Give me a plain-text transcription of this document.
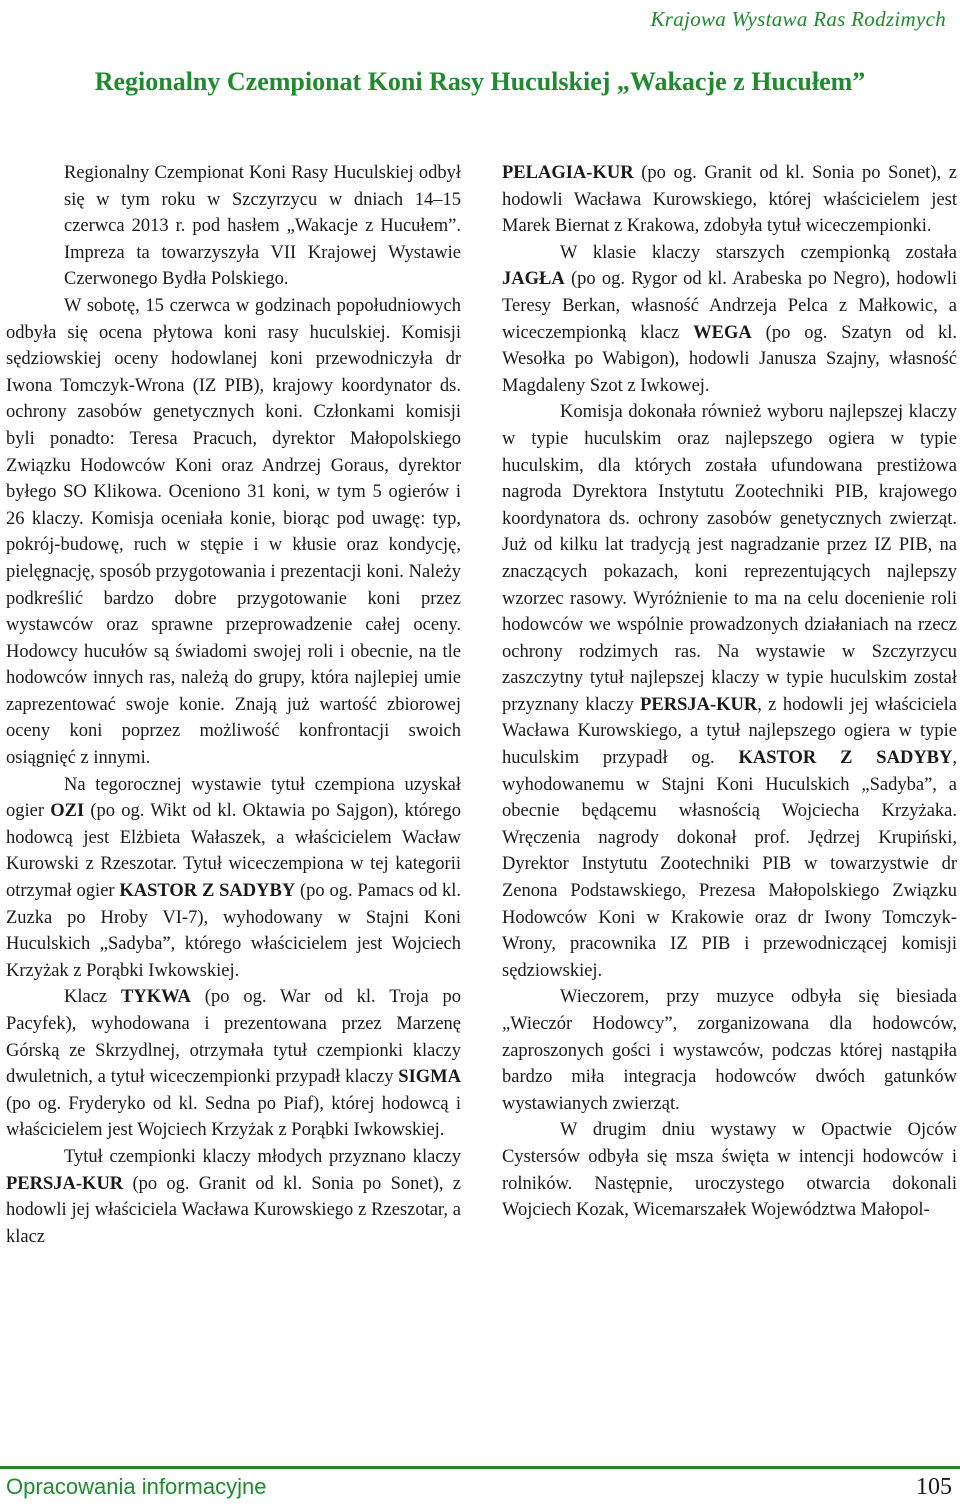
Krajowa Wystawa Ras Rodzimych
Regionalny Czempionat Koni Rasy Huculskiej „Wakacje z Hucułem”

Regionalny Czempionat Koni Rasy Huculskiej odbył się w tym roku w Szczyrzycu w dniach 14–15 czerwca 2013 r. pod hasłem „Wakacje z Hucułem”. Impreza ta towarzyszyła VII Krajowej Wystawie Czerwonego Bydła Polskiego.

W sobotę, 15 czerwca w godzinach popołudniowych odbyła się ocena płytowa koni rasy huculskiej. Komisji sędziowskiej oceny hodowlanej koni przewodniczyła dr Iwona Tomczyk-Wrona (IZ PIB), krajowy koordynator ds. ochrony zasobów genetycznych koni. Członkami komisji byli ponadto: Teresa Pracuch, dyrektor Małopolskiego Związku Hodowców Koni oraz Andrzej Goraus, dyrektor byłego SO Klikowa. Oceniono 31 koni, w tym 5 ogierów i 26 klaczy. Komisja oceniała konie, biorąc pod uwagę: typ, pokrój-budowę, ruch w stępie i w kłusie oraz kondycję, pielęgnację, sposób przygotowania i prezentacji koni. Należy podkreślić bardzo dobre przygotowanie koni przez wystawców oraz sprawne przeprowadzenie całej oceny. Hodowcy hucułów są świadomi swojej roli i obecnie, na tle hodowców innych ras, należą do grupy, która najlepiej umie zaprezentować swoje konie. Znają już wartość zbiorowej oceny koni poprzez możliwość konfrontacji swoich osiągnięć z innymi.

Na tegorocznej wystawie tytuł czempiona uzyskał ogier OZI (po og. Wikt od kl. Oktawia po Sajgon), którego hodowcą jest Elżbieta Wałaszek, a właścicielem Wacław Kurowski z Rzeszotar. Tytuł wiceczempiona w tej kategorii otrzymał ogier KASTOR Z SADYBY (po og. Pamacs od kl. Zuzka po Hroby VI-7), wyhodowany w Stajni Koni Huculskich „Sadyba”, którego właścicielem jest Wojciech Krzyżak z Porąbki Iwkowskiej.

Klacz TYKWA (po og. War od kl. Troja po Pacyfek), wyhodowana i prezentowana przez Marzenę Górską ze Skrzydlnej, otrzymała tytuł czempionki klaczy dwuletnich, a tytuł wiceczempionki przypadł klaczy SIGMA (po og. Fryderyko od kl. Sedna po Piaf), której hodowcą i właścicielem jest Wojciech Krzyżak z Porąbki Iwkowskiej.

Tytuł czempionki klaczy młodych przyznano klaczy PERSJA-KUR (po og. Granit od kl. Sonia po Sonet), z hodowli jej właściciela Wacława Kurowskiego z Rzeszotar, a klacz

PELAGIA-KUR (po og. Granit od kl. Sonia po Sonet), z hodowli Wacława Kurowskiego, której właścicielem jest Marek Biernat z Krakowa, zdobyła tytuł wiceczempionki.

W klasie klaczy starszych czempionką została JAGŁA (po og. Rygor od kl. Arabeska po Negro), hodowli Teresy Berkan, własność Andrzeja Pelca z Małkowic, a wiceczempionką klacz WEGA (po og. Szatyn od kl. Wesołka po Wabigon), hodowli Janusza Szajny, własność Magdaleny Szot z Iwkowej.

Komisja dokonała również wyboru najlepszej klaczy w typie huculskim oraz najlepszego ogiera w typie huculskim, dla których została ufundowana prestiżowa nagroda Dyrektora Instytutu Zootechniki PIB, krajowego koordynatora ds. ochrony zasobów genetycznych zwierząt. Już od kilku lat tradycją jest nagradzanie przez IZ PIB, na znaczących pokazach, koni reprezentujących najlepszy wzorzec rasowy. Wyróżnienie to ma na celu docenienie roli hodowców we wspólnie prowadzonych działaniach na rzecz ochrony rodzimych ras. Na wystawie w Szczyrzycu zaszczytny tytuł najlepszej klaczy w typie huculskim został przyznany klaczy PERSJA-KUR, z hodowli jej właściciela Wacława Kurowskiego, a tytuł najlepszego ogiera w typie huculskim przypadł og. KASTOR Z SADYBY, wyhodowanemu w Stajni Koni Huculskich „Sadyba”, a obecnie będącemu własnością Wojciecha Krzyżaka. Wręczenia nagrody dokonał prof. Jędrzej Krupiński, Dyrektor Instytutu Zootechniki PIB w towarzystwie dr Zenona Podstawskiego, Prezesa Małopolskiego Związku Hodowców Koni w Krakowie oraz dr Iwony Tomczyk-Wrony, pracownika IZ PIB i przewodniczącej komisji sędziowskiej.

Wieczorem, przy muzyce odbyła się biesiada „Wieczór Hodowcy”, zorganizowana dla hodowców, zaproszonych gości i wystawców, podczas której nastąpiła bardzo miła integracja hodowców dwóch gatunków wystawianych zwierząt.

W drugim dniu wystawy w Opactwie Ojców Cystersów odbyła się msza święta w intencji hodowców i rolników. Następnie, uroczystego otwarcia dokonali Wojciech Kozak, Wicemarszałek Województwa Małopol-

Opracowania informacyjne	105
